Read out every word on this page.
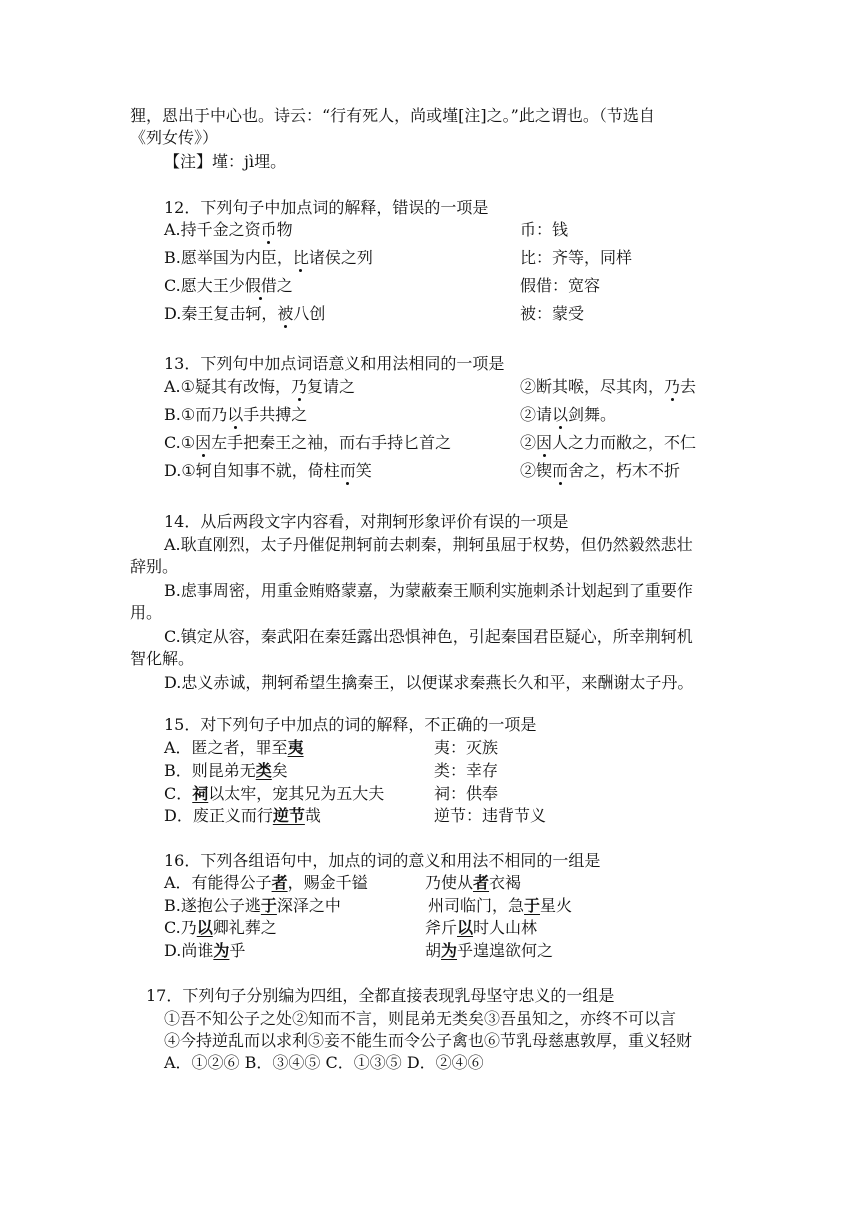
狸，恩出于中心也。诗云：“行有死人，尚或墐[注]之。”此之谓也。（节选自
《列女传》）
【注】墐：jì埋。
12．下列句子中加点词的解释，错误的一项是
A.持千金之资币物	币：钱
B.愿举国为内臣，比诸侯之列	比：齐等，同样
C.愿大王少假借之	假借：宽容
D.秦王复击轲，被八创	被：蒙受
13．下列句中加点词语意义和用法相同的一项是
A.①疑其有改悔，乃复请之	②断其喉，尽其肉，乃去
B.①而乃以手共搏之	②请以剑舞。
C.①因左手把秦王之袖，而右手持匕首之	②因人之力而敝之，不仁
D.①轲自知事不就，倚柱而笑	②锲而舍之，朽木不折
14．从后两段文字内容看，对荆轲形象评价有误的一项是
A.耿直刚烈，太子丹催促荆轲前去刺秦，荆轲虽屈于权势，但仍然毅然悲壮
辞别。
B.虑事周密，用重金贿赂蒙嘉，为蒙蔽秦王顺利实施刺杀计划起到了重要作
用。
C.镇定从容，秦武阳在秦廷露出恐惧神色，引起秦国君臣疑心，所幸荆轲机
智化解。
D.忠义赤诚，荆轲希望生擒秦王，以便谋求秦燕长久和平，来酬谢太子丹。
15．对下列句子中加点的词的解释，不正确的一项是
A．匿之者，罪至夷	夷：灭族
B．则昆弟无类矣	类：幸存
C．祠以太牢，宠其兄为五大夫	祠：供奉
D．废正义而行逆节哉	逆节：违背节义
16．下列各组语句中，加点的词的意义和用法不相同的一组是
A．有能得公子者，赐金千镒	乃使从者衣褐
B.遂抱公子逃于深泽之中	州司临门，急于星火
C.乃以卿礼葬之	斧斤以时人山林
D.尚谁为乎	胡为乎遑遑欲何之
17．下列句子分别编为四组，全都直接表现乳母坚守忠义的一组是
①吾不知公子之处②知而不言，则昆弟无类矣③吾虽知之，亦终不可以言
④今持逆乱而以求利⑤妾不能生而令公子禽也⑥节乳母慈惠敦厚，重义轻财
A．①②⑥ B．③④⑤ C．①③⑤ D．②④⑥
